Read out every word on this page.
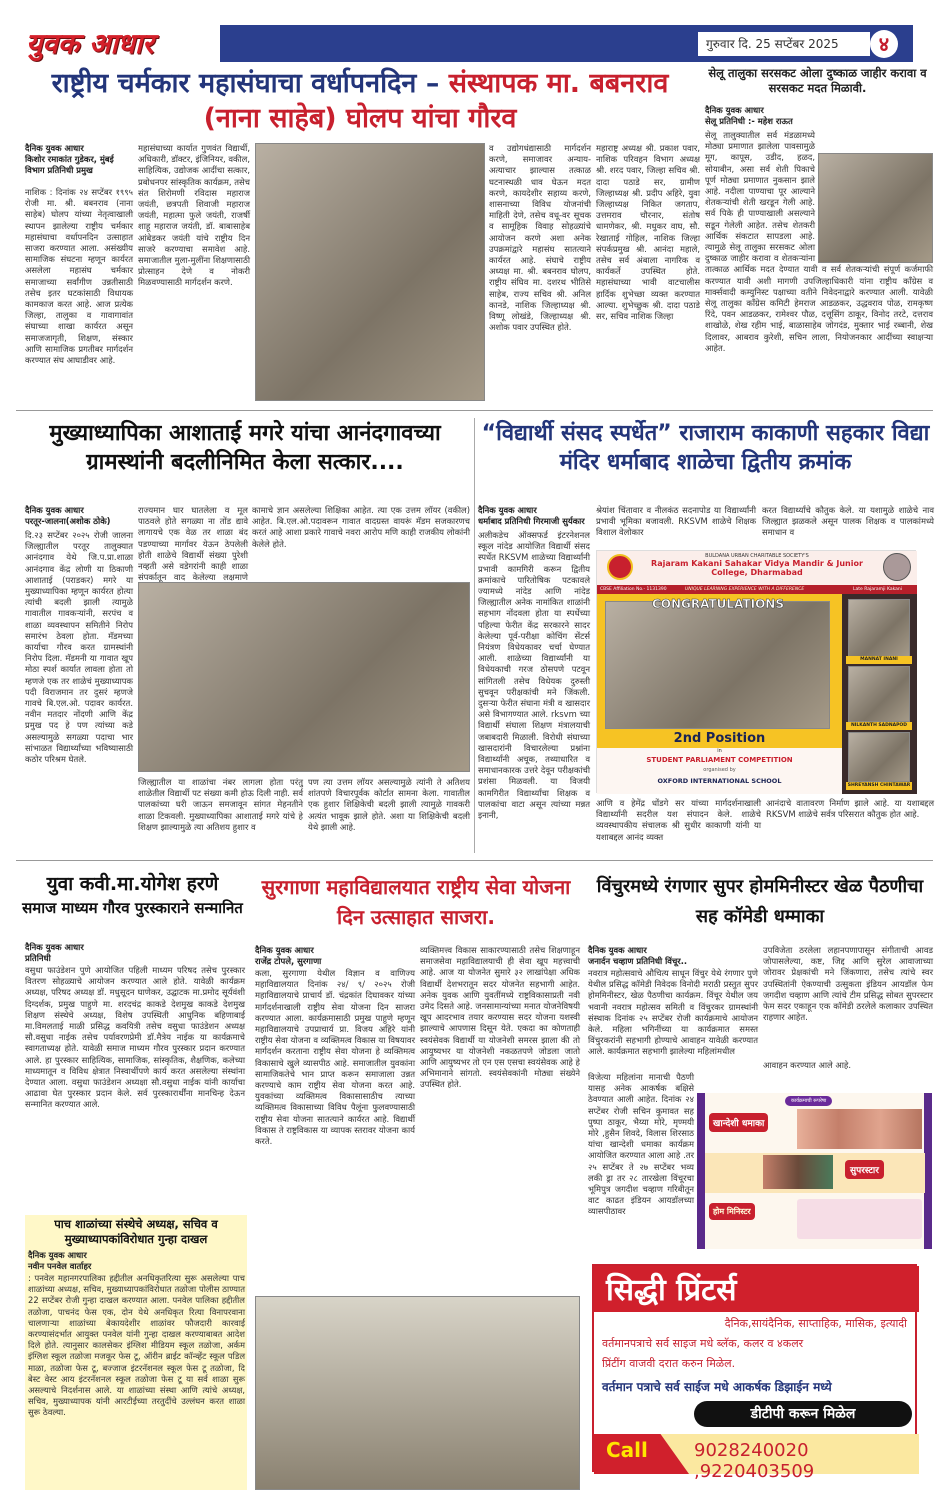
युवक आधार	गुरुवार दि. 25 सप्टेंबर 2025	४
राष्ट्रीय चर्मकार महासंघाचा वर्धापनदिन – संस्थापक मा. बबनराव (नाना साहेब) घोलप यांचा गौरव
दैनिक युवक आधार
किशोर रमाकांत गुडेकर, मुंबई विभाग प्रतिनिधी प्रमुख
नाशिक : दिनांक २४ सप्टेंबर १९९५ रोजी मा. श्री. बबनराव (नाना साहेब) घोलप यांच्या नेतृत्वाखाली स्थापन झालेल्या राष्ट्रीय चर्मकार महासंघाचा वर्धापनदिन उत्साहात साजरा करण्यात आला. असंख्यीय सामाजिक संघटना म्हणून कार्यरत असलेला महासंघ चर्मकार समाजाच्या सर्वांगीण उन्नतीसाठी तसेच इतर घटकांसाठी विधायक कामकाज करत आहे. आज प्रत्येक जिल्हा, तालुका व गावागावांत संघाच्या शाखा कार्यरत असून समाजजागृती, शिक्षण, संस्कार आणि सामाजिक प्रगतीबर मार्गदर्शन करण्यात संघ आघाडीवर आहे.
महासंघाच्या कार्यात गुणवंत विद्यार्थी, अधिकारी, डॉक्टर, इंजिनियर, वकील, साहित्यिक, उद्योजक आदींचा सत्कार, प्रबोधनपर सांस्कृतिक कार्यक्रम, तसेच संत शिरोमणी रविदास महाराज जयंती, छत्रपती शिवाजी महाराज जयंती, महात्मा फुले जयंती, राजर्षी शाहू महाराज जयंती, डॉ. बाबासाहेब आंबेडकर जयंती यांचे राष्ट्रीय दिन साजरे करण्याचा समावेश आहे. समाजातील मुला-मुलींना शिक्षणासाठी प्रोत्साहन देणे व नोकरी मिळवण्यासाठी मार्गदर्शन करणे.
व उद्योगधंद्यासाठी मार्गदर्शन करणे, समाजावर अन्याय-अत्याचार झाल्यास तत्काळ घटनास्थळी धाव घेऊन मदत करणे, कायदेशीर सहाय्य करणे, शासनाच्या विविध योजनांची माहिती देणे, तसेच वधू-वर सूचक व सामूहिक विवाह सोहळ्यांचे आयोजन करणे अशा अनेक उपक्रमांद्वारे महासंघ सातत्याने कार्यरत आहे. संघाचे राष्ट्रीय अध्यक्ष मा. श्री. बबनराव घोलप, राष्ट्रीय संघिव मा. दशरथ भीतिसे साहेब, राज्य सचिव श्री. अनिल कानडे, नाशिक जिल्हाध्यक्ष श्री. विष्णू लोखंडे, जिल्हाध्यक्ष श्री. अशोक पवार उपस्थित होते.
महाराष्ट्र अध्यक्ष श्री. प्रकाश पवार, नाशिक परिवहन विभाग अध्यक्ष श्री. शरद पवार, जिल्हा सचिव श्री. दादा पठाडे सर, ग्रामीण जिल्हाध्यक्ष श्री. प्रदीप अहिरे, युवा जिल्हाध्यक्ष निकित जगताप, उत्तमराव चौरनार, संतोष धामणेकर, श्री. मधुकर वाघ, सौ. रेखाताई गोहिल, नाशिक जिल्हा संपर्कप्रमुख श्री. आनंदा महाले, तसेच सर्व अंबाला नागरिक व कार्यकर्ते उपस्थित होते. महासंघाच्या भावी वाटचालीस हार्दिक शुभेच्छा व्यक्त करण्यात आल्या. शुभेच्छुक श्री. दादा पठाडे सर, सचिव नाशिक जिल्हा
सेलू तालुका सरसकट ओला दुष्काळ जाहीर करावा व सरसकट मदत मिळावी.
दैनिक युवक आधार
सेलू प्रतिनिधी :- महेश राऊत
सेलू तालुक्यातील सर्व मंडळामध्ये मोठ्या प्रमाणात झालेला पावसामुळे मूग, कापूस, उडीद, हळद, सोयाबीन, असा सर्व शेती पिकाचे पूर्ण मोठ्या प्रमाणात नुकसान झाले आहे. नदीला पाण्याचा पूर आल्याने शेतकऱ्यांची शेती खरडून गेली आहे. सर्व पिके ही पाण्याखाली असल्याने सडून गेलेली आहेत. तसेच शेतकरी आर्थिक संकटात सापडला आहे. त्यामुळे सेलू तालुका सरसकट ओला दुष्काळ जाहीर करावा व शेतकऱ्यांना तात्काळ आर्थिक मदत देण्यात यावी व सर्व शेतकऱ्यांची संपूर्ण कर्जमाफी करण्यात यावी अशी मागणी उपजिल्हाधिकारी यांना राष्ट्रीय काँग्रेस व मार्क्सवादी कम्युनिस्ट पक्षाच्या वतीने निवेदनाद्वारे करण्यात आली. यावेळी सेलू तालुका काँग्रेस कमिटी हेमराज आडळकर, उद्धवराव पोळ, रामकृष्ण रिंदे, पवन आडळकर, रामेश्वर पौळ, दत्तूसिंग ठाकूर, विनोद तरटे, दत्तराव शाखोळे, शेख रहीम भाई, बाळासाहेब जोगदंड, मुक्तार भाई रब्बानी, शेख दिलावर, आबराव कुरेशी, सचिन लाला, नियोजनकार आदींच्या स्वाक्षऱ्या आहेत.
मुख्याध्यापिका आशाताई मगरे यांचा आनंदगावच्या ग्रामस्थांनी बदलीनिमित केला सत्कार....
दैनिक युवक आधार
परतूर-जालना(अशोक ठोके)
दि.२३ सप्टेंबर २०२५ रोजी जालना जिल्ह्यातील परतूर तालुक्यात आनंदगाव येथे जि.प.प्रा.शाळा आनंदगाव केंद्र लोणी या ठिकाणी आशाताई (पराडकर) मगरे या मुख्याध्यापिका म्हणून कार्यरत होत्या त्यांची बदली झाली त्यामुळे गावातील गावकऱ्यांनी, सरपंच व शाळा व्यवस्थापन समितीने निरोप समारंभ ठेवला होता. मॅडमच्या कार्याचा गौरव करत ग्रामस्थांनी निरोप दिला. मॅडमनी या गावात खूप मोठा स्पर्श कार्यात लावला होता तो म्हणजे एक तर शाळेचं मुख्याध्यापक पदी विराजमान तर दुसरं म्हणजे गावचे बि.एल.ओ. पदावर कार्यरत. नवीन मतदार नोंदणी आणि केंद्र प्रमुख पद हे पण त्यांच्या कडे असल्यामुळे सगळ्या पदाचा भार सांभाळत विद्यार्थ्यांच्या भविष्यासाठी कठोर परिश्रम घेतले.
राज्यमान घार घातलेला व मूल पाठवले होते सगळ्या ना तोंड द्यावे लागायचे एक वेळ तर शाळा बंद पडण्याच्या मार्गावर येऊन ठेपलेली होती शाळेचे विद्यार्थी संख्या पुरेशी नव्हती असे वडेगरांनी काही शाळा संपर्कातून वाद केलेल्या लक्षमाणे
कामाचे ज्ञान असलेल्या शिक्षिका आहेत. त्या एक उत्तम लॉयर (वकील) आहेत. बि.एल.ओ.पदावरून गावात वादग्रस्त वायरूं मॅडम सजकारणच करतं आहे आशा प्रकारे गावाचे नवरा आरोप मणि काही राजकीय लोकांनी केलेले होते.
जिल्ह्यातील या शाळांचा नंबर लागला होता परंतु शाळेतील विद्यार्थी पट संख्या कमी होऊ दिली नाही. सर्व पालकांच्या घरी जाऊन समजावून सांगत मेहनतीने शाळा टिकवली. मुख्याध्यापिका आशाताई मगरे यांचे हे शिक्षण झाल्यामुळे त्या अतिशय हुशार व
पण त्या उत्तम लॉयर असल्यामुळे त्यांनी ते अतिशय शांतपणे विचारपूर्वक कोर्टात सामना केला. गावातील एक हुशार शिक्षिकेची बदली झाली त्यामुळे गावकरी अत्यंत भावूक झाले होते. अशा या शिक्षिकेची बदली येथे झाली आहे.
“विद्यार्थी संसद स्पर्धेत” राजाराम काकाणी सहकार विद्या मंदिर धर्माबाद शाळेचा द्वितीय क्रमांक
दैनिक युवक आधार
धर्माबाद प्रतिनिधी गिरमाजी सुर्यकार
अलीकडेच ऑक्सफर्ड इंटरनेशनल स्कूल नांदेड आयोजित विद्यार्थी संसद स्पर्धेत RKSVM शाळेच्या विद्यार्थ्यांनी प्रभावी कामगिरी करून द्वितीय क्रमांकाचे पारितोषिक पटकावले ज्यामध्ये नांदेड आणि नांदेड जिल्ह्यातील अनेक नामांकित शाळांनी सहभाग नोंदवला होता या स्पर्धेच्या पहिल्या फेरीत केंद्र सरकारने सादर केलेल्या पूर्व-परीक्षा कोचिंग सेंटर्स नियंत्रण विधेयकावर चर्चा घेण्यात आली. शाळेच्या विद्यार्थ्यांनी या विधेयकाची गरज ठोसपणे पटवून सांगितली तसेच विधेयक दुरुस्ती सुचवून परीक्षकांची मने जिंकली. दुसऱ्या फेरीत संघाना मंत्री व खासदार असे विभागण्यात आले. rksvm च्या विद्यार्थी संघाला शिक्षण मंत्रालयाची जबाबदारी मिळाली. विरोधी संघाच्या खासदारांनी विचारलेल्या प्रश्नांना विद्यार्थ्यांनी अचूक, तथ्याधारित व समाधानकारक उत्तरे देवून परीक्षकांची प्रशंसा मिळवली. या विजयी कामगिरीत विद्यार्थ्यांचा शिक्षक व पालकांचा वाटा असून त्यांच्या मन्नत इनानी,
श्रेयांश चिंतावार व नीलकंठ सदनापोड या विद्यार्थ्यांनी प्रभावी भूमिका बजावली. RKSVM शाळेचे शिक्षक विशाल वेलोकार
करत विद्यार्थ्यांचे कौतुक केले. या यशामुळे शाळेचे नाव जिल्ह्यात झळकले असून पालक शिक्षक व पालकांमध्ये समाधान व
आणि व हेमेंद्र धोंडगे सर यांच्या मार्गदर्शनाखाली विद्यार्थ्यांनी सदरील यश संपादन केले. शाळेचे व्यवस्थापकीय संचालक श्री सुधीर काकाणी यांनी या यशाबद्दल आनंद व्यक्त
आनंदाचे वातावरण निर्माण झाले आहे. या यशाबद्दल RKSVM शाळेचे सर्वत्र परिसरात कौतुक होत आहे.
BULDANA URBAN CHARITABLE SOCIETY'S
Rajaram Kakani Sahakar Vidya Mandir & Junior College, Dharmabad
CBSE Affiliation No.- 1131390	UNIQUE LEARNING EXPERIENCE WITH A DIFFERENCE	Late Rajaramji Kakani
CONGRATULATIONS
2nd Position
in
STUDENT PARLIAMENT COMPETITION
organised by
OXFORD INTERNATIONAL SCHOOL
MANNAT INANI
NILKANTH SADNAPOD
SHREYANSH CHINTAWAR
युवा कवी.मा.योगेश हरणे
समाज माध्यम गौरव पुरस्काराने सन्मानित
दैनिक युवक आधार
प्रतिनिधी
वसुधा फाउंडेशन पुणे आयोजित पहिली माध्यम परिषद तसेच पुरस्कार वितरण सोहळ्याचे आयोजन करण्यात आले होते. यावेळी कार्यक्रम अध्यक्ष, परिषद अध्यक्ष डॉ. मधुसूदन घाणेकर, उद्घाटक मा.प्रमोद सूर्यवंशी दिग्दर्शक, प्रमुख पाहुणे मा. शरदचंद्र काकडे देशमुख काकडे देशमुख शिक्षण संस्थेचे अध्यक्ष, विशेष उपस्थिती आधुनिक बहिणाबाई मा.विमलताई माळी प्रसिद्ध कवयित्री तसेच वसुधा फाउंडेशन अध्यक्ष सौ.वसुधा नाईक तसेच पर्यावरणप्रेमी डॉ.मैत्रेय नाईक या कार्यक्रमाचे स्वागताध्यक्ष होते. यावेळी समाज माध्यम गौरव पुरस्कार प्रदान करण्यात आले. हा पुरस्कार साहित्यिक, सामाजिक, सांस्कृतिक, शैक्षणिक, कलेच्या माध्यमातून व विविध क्षेत्रात निस्वार्थीपणे कार्य करत असलेल्या संस्थांना देण्यात आला. वसुधा फाउंडेशन अध्यक्षा सौ.वसुधा नाईक यांनी कार्याचा आढावा घेत पुरस्कार प्रदान केले. सर्व पुरस्कारार्थींना मानचिन्ह देऊन सन्मानित करण्यात आले.
पाच शाळांच्या संस्थेचे अध्यक्ष, सचिव व मुख्याध्यापकांविरोधात गुन्हा दाखल
दैनिक युवक आधार
नवीन पनवेल वार्ताहर
: पनवेल महानगरपालिका हद्दीतील अनधिकृतरित्या सुरू असलेल्या पाच शाळांच्या अध्यक्ष, सचिव, मुख्याध्यापकांविरोधात तळोजा पोलीस ठाण्यात 22 सप्टेंबर रोजी गुन्हा दाखल करण्यात आला. पनवेल पालिका हद्दीतील तळोजा, पाचनंद फेस एक, दोन येथे अनधिकृत रित्या विनापरवाना चालणाऱ्या शाळांच्या बेकायदेशीर शाळांवर फौजदारी कारवाई करण्यासंदर्भात आयुक्त पनवेल यांनी गुन्हा दाखल करण्याबाबत आदेश दिले होते. त्यानुसार कालसेकर इंग्लिश मीडियम स्कूल तळोजा, अर्कम इंग्लिश स्कूल तळोजा मजकूर फेस टू, ऑरीन ब्राईट कॉन्व्हेंट स्कूल पडिल माळा, तळोजा फेस टू, बज्जाज इंटरनॅशनल स्कूल फेस टू तळोजा, दि बेस्ट वेस्ट आय इंटरनॅशनल स्कूल तळोजा फेस टू या सर्व शाळा सुरू असल्याचे निदर्शनास आले. या शाळांच्या संस्था आणि त्यांचे अध्यक्ष, सचिव, मुख्याध्यापक यांनी आरटीईच्या तरतुदींचे उल्लंघन करत शाळा सुरू ठेवल्या.
सुरगाणा महाविद्यालयात राष्ट्रीय सेवा योजना दिन उत्साहात साजरा.
दैनिक युवक आधार
राजेंद्र टोपले, सुरगाणा
कला, सुरगाणा येथील विज्ञान व वाणिज्य महाविद्यालयात दिनांक २४/ ९/ २०२५ रोजी महाविद्यालयाचे प्राचार्य डॉ. चंद्रकांत दिघावकर यांच्या मार्गदर्शनाखाली राष्ट्रीय सेवा योजना दिन साजरा करण्यात आला. कार्यक्रमासाठी प्रमुख पाहुणे म्हणून महाविद्यालयाचे उपप्राचार्य प्रा. विजय अहिरे यांनी राष्ट्रीय सेवा योजना व व्यक्तिमत्व विकास या विषयावर मार्गदर्शन करताना राष्ट्रीय सेवा योजना हे व्यक्तिमत्व विकासाचे खुले व्यासपीठ आहे. समाजातील युवकांना सामाजिकतेचे भान प्राप्त करून समाजाला उन्नत करण्याचे काम राष्ट्रीय सेवा योजना करत आहे. युवकांच्या व्यक्तिमत्व विकासासाठीच त्याच्या व्यक्तिमत्व विकासाच्या विविध पैलूंना फुलवण्यासाठी राष्ट्रीय सेवा योजना सातत्याने कार्यरत आहे. विद्यार्थी विकास ते राष्ट्रविकास या व्यापक स्तरावर योजना कार्य करते.
व्यक्तिमत्त्व विकास साकारण्यासाठी तसेच शिक्षणाहून समाजसेवा महाविद्यालयाची ही सेवा खूप महत्त्वाची आहे. आज या योजनेत सुमारे ३२ लाखांपेक्षा अधिक विद्यार्थी देशभरातून सदर योजनेत सहभागी आहेत. अनेक युवक आणि युवतींमध्ये राष्ट्रविकासाप्रती नवी उमेद दिसते आहे. जनसामान्यांच्या मनात योजनेविषयी खूप आदरभाव तयार करण्यास सदर योजना यशस्वी झाल्याचे आपणास दिसून येते. एकदा का कोणताही स्वयंसेवक विद्यार्थी या योजनेशी समरस झाला की तो आयुष्यभर या योजनेशी नकळतपणे जोडला जातो आणि आयुष्यभर तो एन एस एसचा स्वयंसेवक आहे हे अभिमानाने सांगतो. स्वयंसेवकांनी मोठ्या संख्येने उपस्थित होते.
विंचुरमध्ये रंगणार सुपर होममिनीस्टर खेळ पैठणीचा सह कॉमेडी धम्माका
दैनिक युवक आधार
जनार्दन चव्हाण प्रतिनिधी विंचूर..
नवरात्र महोत्सवाचे औचित्य साधून विंचुर येथे रंगणार पुणे येथील प्रसिद्ध कॉमेडी निवेदक विनोदी मराठी प्रस्तुत सुपर होममिनीस्टर, खेळ पैठणीचा कार्यक्रम. विंचूर येथील जय भवानी नवरात्र महोत्सव समिती व विंचुरकर ग्रामस्थांनी संस्थाक दिनांक २५ सप्टेंबर रोजी कार्यक्रमाचे आयोजन केले. महिला भगिनींच्या या कार्यक्रमात समस्त विंचुरकरांनी सहभागी होण्याचे आवाहन यावेळी करण्यात आले. कार्यक्रमात सहभागी झालेल्या महिलांमधील
उपविजेता ठरलेला लहानपणापासून संगीताची आवड जोपासलेल्या, कष्ट, जिद्द आणि सुरेल आवाजाच्या जोरावर प्रेक्षकांची मने जिंकणारा, तसेच त्यांचे स्वर उपस्थितांनी ऐकण्याची उत्सुकता इंडियन आयडॉल फेम जगदीश चव्हाण आणि त्यांचे टीम प्रसिद्ध सोबत सुपरस्टार फेम सदर एकाहून एक कॉमेडी ठरलेले कलाकार उपस्थित राहणार आहेत.
आवाहन करण्यात आले आहे.
विजेत्या महिलांना मानाची पैठणी यासह अनेक आकर्षक बक्षिसे ठेवण्यात आली आहेत. दिनांक २४ सप्टेंबर रोजी सचिन कुमावत सह पुष्पा ठाकूर, भैय्या मोरे, मृण्मयी मोरे ,हुसैन शिवदे, विलास शिरसाठ यांचा खान्देशी धमाका कार्यक्रम आयोजित करण्यात आला आहे .तर २५ सप्टेंबर ते २७ सप्टेंबर भव्य लकी ड्रा तर २८ तारखेला विंचूरचा भूमिपुत्र जगदीश चव्हाण गरिबीतून वाट काढत इंडियन आयडॉलच्या व्यासपीठावर
कार्यक्रमाची रूपरेषा
खान्देशी धमाका
सुपरस्टार
होम मिनिस्टर
सिद्धी प्रिंटर्स
दैनिक,सायंदैनिक, साप्ताहिक, मासिक, इत्यादी
वर्तमानपत्राचे सर्व साइज मधे ब्लॅक, कलर व ४कलर
प्रिंटींग वाजवी दरात करुन मिळेल.
वर्तमान पत्राचे सर्व साईज मधे आकर्षक डिझाईन मध्ये
डीटीपी करून मिळेल
Call	9028240020 ,9220403509
